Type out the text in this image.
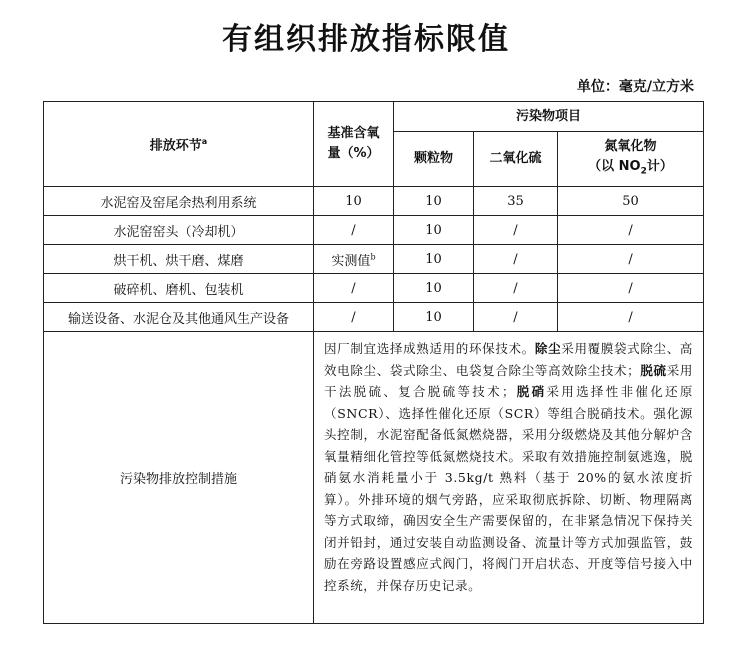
有组织排放指标限值
单位：毫克/立方米
排放环节$^a$	基准含氧量（%）	污染物项目		
		颗粒物	二氧化硫	氮氧化物
（以 $NO_2$计）

水泥窑及窑尾余热利用系统	10	10	35	50
水泥窑窑头（冷却机）	/	10	/	/
烘干机、烘干磨、煤磨	实测值$^b$	10	/	/
破碎机、磨机、包装机	/	10	/	/
输送设备、水泥仓及其他通风生产设备	/	10	/	/
污染物排放控制措施	因厂制宜选择成熟适用的环保技术。除尘采用覆膜袋式除尘、高效电除尘、袋式除尘、电袋复合除尘等高效除尘技术；脱硫采用干法脱硫、复合脱硫等技术；脱硝采用选择性非催化还原（SNCR）、选择性催化还原（SCR）等组合脱硝技术。强化源头控制，水泥窑配备低氮燃烧器，采用分级燃烧及其他分解炉含氧量精细化管控等低氮燃烧技术。采取有效措施控制氨逃逸，脱硝氨水消耗量小于 3.5kg/t 熟料（基于 20%的氨水浓度折算）。外排环境的烟气旁路，应采取彻底拆除、切断、物理隔离等方式取缔，确因安全生产需要保留的，在非紧急情况下保持关闭并铅封，通过安装自动监测设备、流量计等方式加强监管，鼓励在旁路设置感应式阀门，将阀门开启状态、开度等信号接入中控系统，并保存历史记录。			
